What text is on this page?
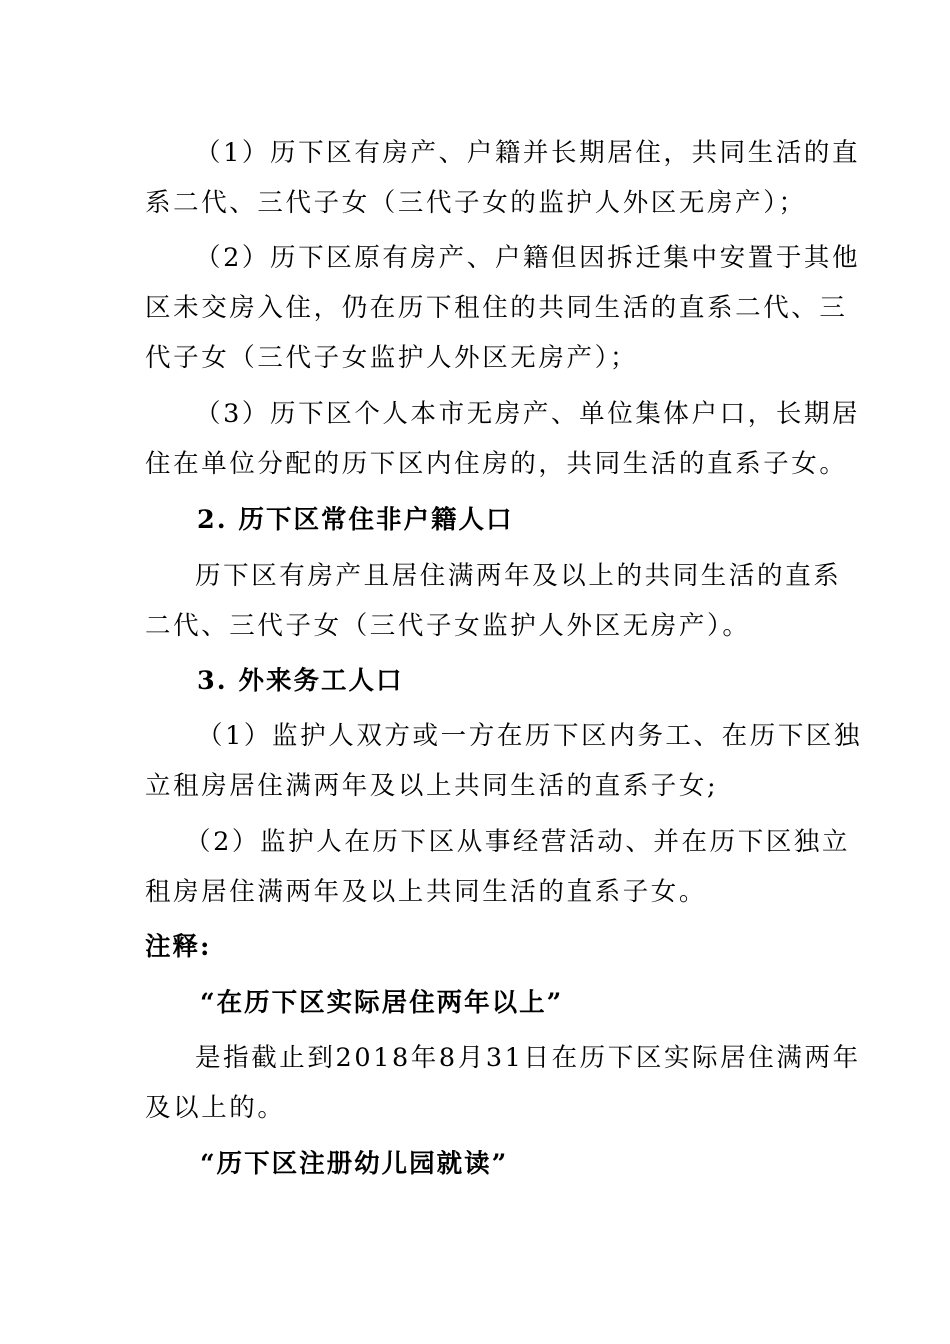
（1）历下区有房产、户籍并长期居住，共同生活的直
系二代、三代子女（三代子女的监护人外区无房产）；
（2）历下区原有房产、户籍但因拆迁集中安置于其他
区未交房入住，仍在历下租住的共同生活的直系二代、三
代子女（三代子女监护人外区无房产）；
（3）历下区个人本市无房产、单位集体户口，长期居
住在单位分配的历下区内住房的，共同生活的直系子女。
2. 历下区常住非户籍人口
历下区有房产且居住满两年及以上的共同生活的直系
二代、三代子女（三代子女监护人外区无房产）。
3. 外来务工人口
（1）监护人双方或一方在历下区内务工、在历下区独
立租房居住满两年及以上共同生活的直系子女;
（2）监护人在历下区从事经营活动、并在历下区独立
租房居住满两年及以上共同生活的直系子女。
注释:
“在历下区实际居住两年以上”
是指截止到2018年8月31日在历下区实际居住满两年
及以上的。
“历下区注册幼儿园就读”
